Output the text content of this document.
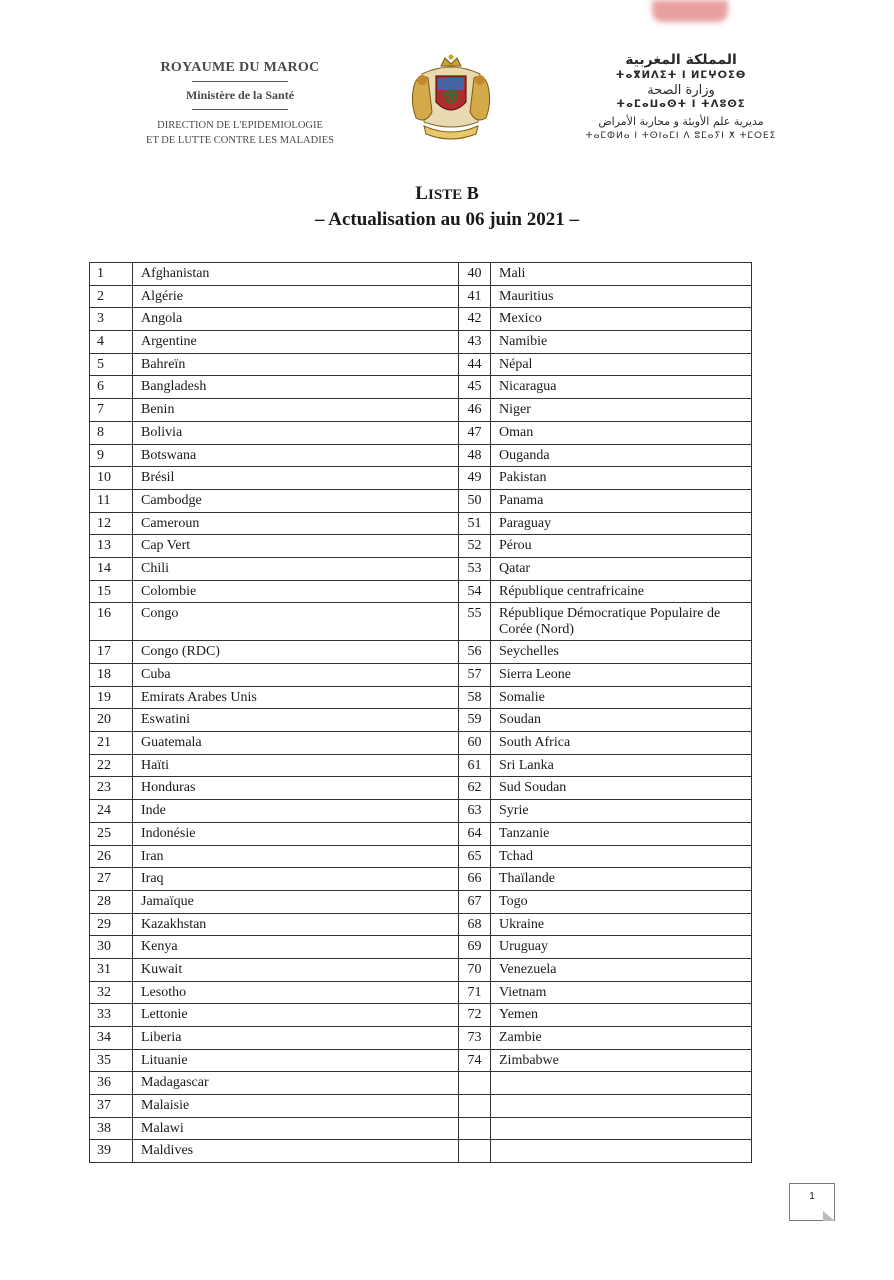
ROYAUME DU MAROC
Ministère de la Santé
DIRECTION DE L'EPIDEMIOLOGIE
ET DE LUTTE CONTRE LES MALADIES
المملكة المغربية
ⵜⴰⴳⵍⴷⵉⵜ ⵏ ⵍⵎⵖⵔⵉⴱ
وزارة الصحة
ⵜⴰⵎⴰⵡⴰⵙⵜ ⵏ ⵜⴷⵓⵙⵉ
مديرية علم الأوبئة و محاربة الأمراض
ⵜⴰⵎⵀⵍⴰ ⵏ ⵜⵙⵏⴰⵎⵏ ⴷ ⵓⵎⴰⵢⵏ ⵅ ⵜⵎⵔⴹⵉ
LISTE B
– Actualisation au 06 juin 2021 –
1	Afghanistan	40	Mali
2	Algérie	41	Mauritius
3	Angola	42	Mexico
4	Argentine	43	Namibie
5	Bahreïn	44	Népal
6	Bangladesh	45	Nicaragua
7	Benin	46	Niger
8	Bolivia	47	Oman
9	Botswana	48	Ouganda
10	Brésil	49	Pakistan
11	Cambodge	50	Panama
12	Cameroun	51	Paraguay
13	Cap Vert	52	Pérou
14	Chili	53	Qatar
15	Colombie	54	République centrafricaine
16	Congo	55	République Démocratique Populaire de Corée (Nord)
17	Congo (RDC)	56	Seychelles
18	Cuba	57	Sierra Leone
19	Emirats Arabes Unis	58	Somalie
20	Eswatini	59	Soudan
21	Guatemala	60	South Africa
22	Haïti	61	Sri Lanka
23	Honduras	62	Sud Soudan
24	Inde	63	Syrie
25	Indonésie	64	Tanzanie
26	Iran	65	Tchad
27	Iraq	66	Thaïlande
28	Jamaïque	67	Togo
29	Kazakhstan	68	Ukraine
30	Kenya	69	Uruguay
31	Kuwait	70	Venezuela
32	Lesotho	71	Vietnam
33	Lettonie	72	Yemen
34	Liberia	73	Zambie
35	Lituanie	74	Zimbabwe
36	Madagascar		
37	Malaisie		
38	Malawi		
39	Maldives		
1
